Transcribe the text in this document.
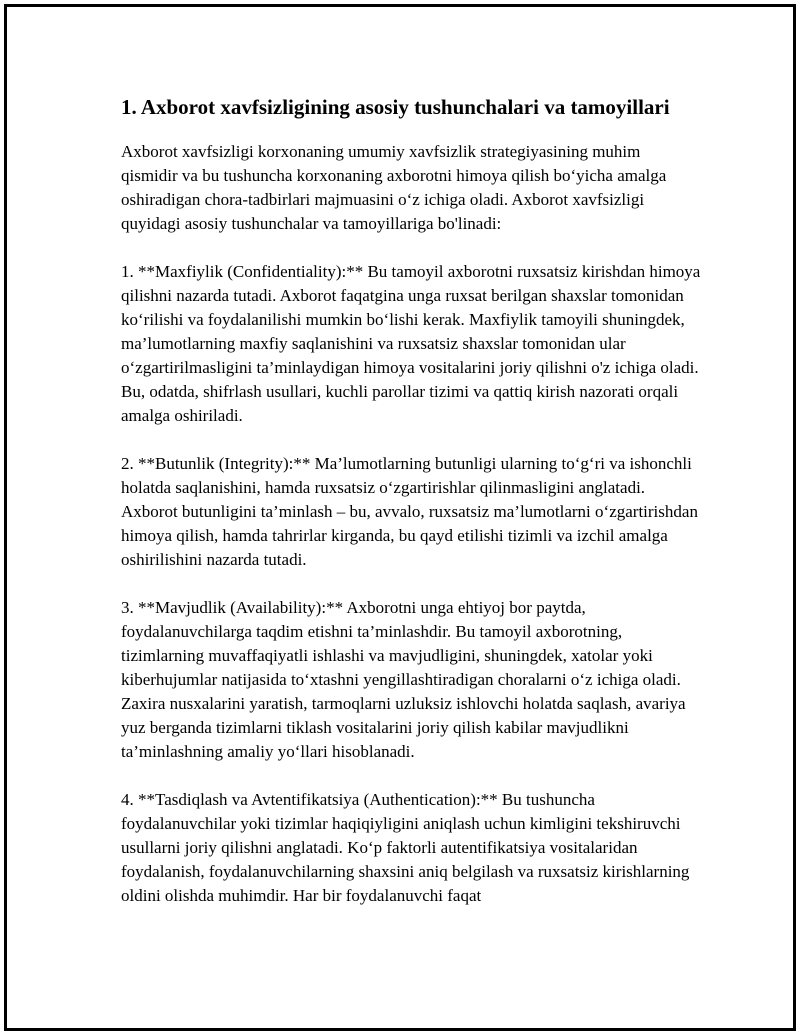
1. Axborot xavfsizligining asosiy tushunchalari va tamoyillari

Axborot xavfsizligi korxonaning umumiy xavfsizlik strategiyasining muhim qismidir va bu tushuncha korxonaning axborotni himoya qilish bo‘yicha amalga oshiradigan chora-tadbirlari majmuasini o‘z ichiga oladi. Axborot xavfsizligi quyidagi asosiy tushunchalar va tamoyillariga bo'linadi:

1. **Maxfiylik (Confidentiality):** Bu tamoyil axborotni ruxsatsiz kirishdan himoya qilishni nazarda tutadi. Axborot faqatgina unga ruxsat berilgan shaxslar tomonidan ko‘rilishi va foydalanilishi mumkin bo‘lishi kerak. Maxfiylik tamoyili shuningdek, ma’lumotlarning maxfiy saqlanishini va ruxsatsiz shaxslar tomonidan ular o‘zgartirilmasligini ta’minlaydigan himoya vositalarini joriy qilishni o'z ichiga oladi. Bu, odatda, shifrlash usullari, kuchli parollar tizimi va qattiq kirish nazorati orqali amalga oshiriladi.

2. **Butunlik (Integrity):** Ma’lumotlarning butunligi ularning to‘g‘ri va ishonchli holatda saqlanishini, hamda ruxsatsiz o‘zgartirishlar qilinmasligini anglatadi. Axborot butunligini ta’minlash – bu, avvalo, ruxsatsiz ma’lumotlarni o‘zgartirishdan himoya qilish, hamda tahrirlar kirganda, bu qayd etilishi tizimli va izchil amalga oshirilishini nazarda tutadi.

3. **Mavjudlik (Availability):** Axborotni unga ehtiyoj bor paytda, foydalanuvchilarga taqdim etishni ta’minlashdir. Bu tamoyil axborotning, tizimlarning muvaffaqiyatli ishlashi va mavjudligini, shuningdek, xatolar yoki kiberhujumlar natijasida to‘xtashni yengillashtiradigan choralarni o‘z ichiga oladi. Zaxira nusxalarini yaratish, tarmoqlarni uzluksiz ishlovchi holatda saqlash, avariya yuz berganda tizimlarni tiklash vositalarini joriy qilish kabilar mavjudlikni ta’minlashning amaliy yo‘llari hisoblanadi.

4. **Tasdiqlash va Avtentifikatsiya (Authentication):** Bu tushuncha foydalanuvchilar yoki tizimlar haqiqiyligini aniqlash uchun kimligini tekshiruvchi usullarni joriy qilishni anglatadi. Ko‘p faktorli autentifikatsiya vositalaridan foydalanish, foydalanuvchilarning shaxsini aniq belgilash va ruxsatsiz kirishlarning oldini olishda muhimdir. Har bir foydalanuvchi faqat
